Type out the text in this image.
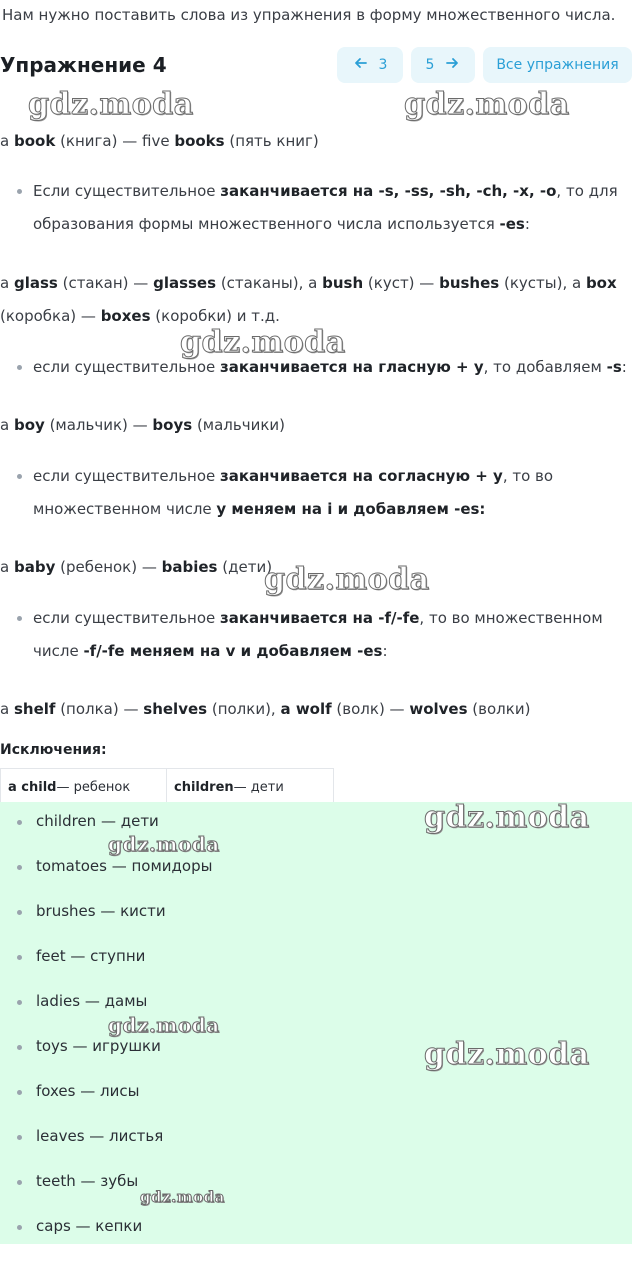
Нам нужно поставить слова из упражнения в форму множественного числа.
Упражнение 4	3	5	Все упражнения
a book (книга) — five books (пять книг)
Если существительное заканчивается на -s, -ss, -sh, -ch, -x, -o, то для
образования формы множественного числа используется -es:
a glass (стакан) — glasses (стаканы), а bush (куст) — bushes (кусты), а box
(коробка) — boxes (коробки) и т.д.
если существительное заканчивается на гласную + y, то добавляем -s:
a boy (мальчик) — boys (мальчики)
если существительное заканчивается на согласную + y, то во
множественном числе y меняем на i и добавляем -es:
a baby (ребенок) — babies (дети)
если существительное заканчивается на -f/-fe, то во множественном
числе -f/-fe меняем на v и добавляем -es:
a shelf (полка) — shelves (полки), a wolf (волк) — wolves (волки)
Исключения:
a child — ребенок	children — дети
children — дети
tomatoes — помидоры
brushes — кисти
feet — ступни
ladies — дамы
toys — игрушки
foxes — лисы
leaves — листья
teeth — зубы
caps — кепки
gdz.moda	gdz.moda
gdz.moda
gdz.moda
gdz.moda
gdz.moda
gdz.moda
gdz.moda
gdz.moda
